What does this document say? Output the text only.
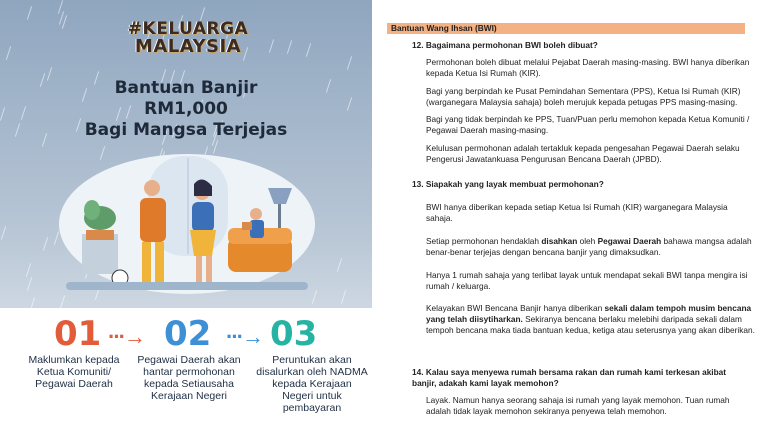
#KELUARGA
MALAYSIA
Bantuan Banjir RM1,000
Bagi Mangsa Terjejas
01 ···→ 02 ···→ 03
Maklumkan kepada Ketua Komuniti/ Pegawai Daerah
Pegawai Daerah akan hantar permohonan kepada Setiausaha Kerajaan Negeri
Peruntukan akan disalurkan oleh NADMA kepada Kerajaan Negeri untuk pembayaran
Bantuan Wang Ihsan (BWI)
12. Bagaimana permohonan BWI boleh dibuat?
Permohonan boleh dibuat melalui Pejabat Daerah masing-masing. BWI hanya diberikan kepada Ketua Isi Rumah (KIR).
Bagi yang berpindah ke Pusat Pemindahan Sementara (PPS), Ketua Isi Rumah (KIR) (warganegara Malaysia sahaja) boleh merujuk kepada petugas PPS masing-masing.
Bagi yang tidak berpindah ke PPS, Tuan/Puan perlu memohon kepada Ketua Komuniti / Pegawai Daerah masing-masing.
Kelulusan permohonan adalah tertakluk kepada pengesahan Pegawai Daerah selaku Pengerusi Jawatankuasa Pengurusan Bencana Daerah (JPBD).
13. Siapakah yang layak membuat permohonan?
BWI hanya diberikan kepada setiap Ketua Isi Rumah (KIR) warganegara Malaysia sahaja.
Setiap permohonan hendaklah disahkan oleh Pegawai Daerah bahawa mangsa adalah benar-benar terjejas dengan bencana banjir yang dimaksudkan.
Hanya 1 rumah sahaja yang terlibat layak untuk mendapat sekali BWI tanpa mengira isi rumah / keluarga.
Kelayakan BWI Bencana Banjir hanya diberikan sekali dalam tempoh musim bencana yang telah diisytiharkan. Sekiranya bencana berlaku melebihi daripada sekali dalam tempoh bencana maka tiada bantuan kedua, ketiga atau seterusnya yang akan diberikan.
14. Kalau saya menyewa rumah bersama rakan dan rumah kami terkesan akibat banjir, adakah kami layak memohon?
Layak. Namun hanya seorang sahaja isi rumah yang layak memohon. Tuan rumah adalah tidak layak memohon sekiranya penyewa telah memohon.
